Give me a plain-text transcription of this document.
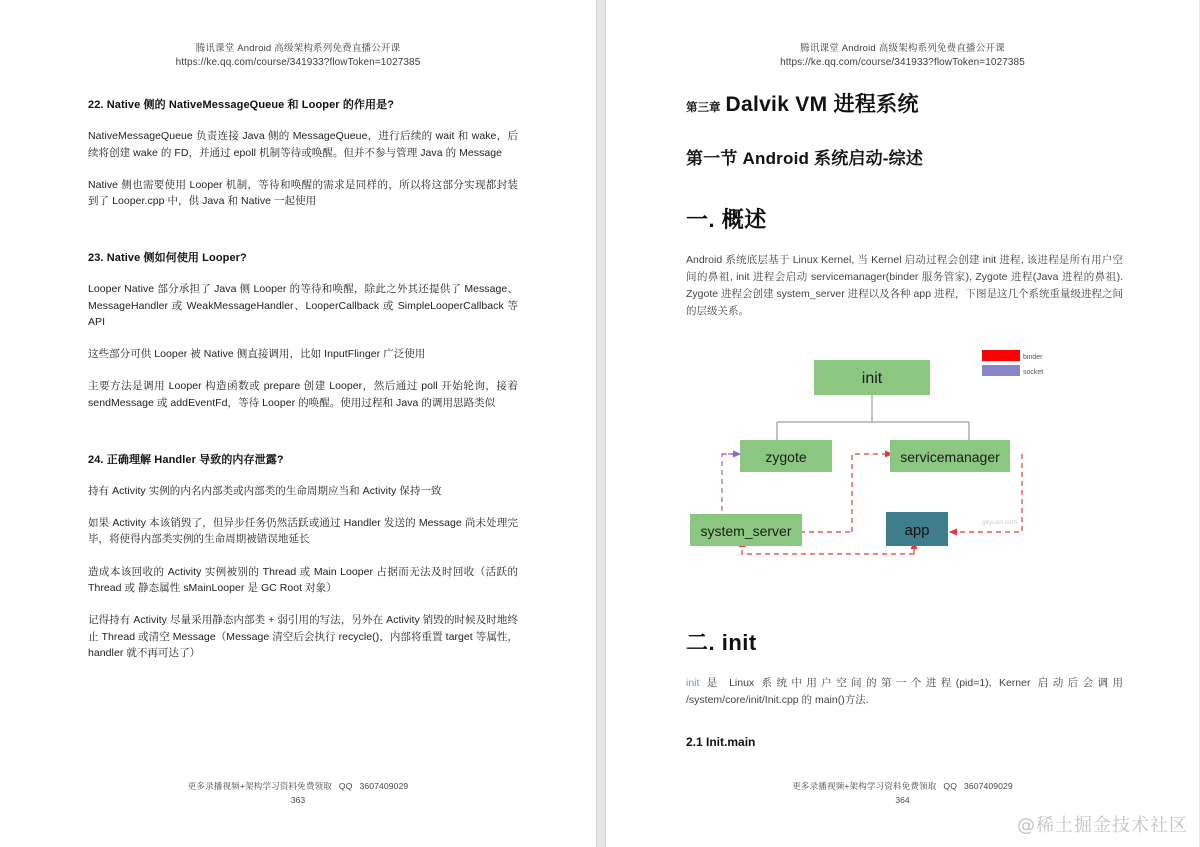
腾讯课堂 Android 高级架构系列免费直播公开课
https://ke.qq.com/course/341933?flowToken=1027385
22. Native 侧的 NativeMessageQueue 和 Looper 的作用是?

NativeMessageQueue 负责连接 Java 侧的 MessageQueue，进行后续的 wait 和 wake，后续将创建 wake 的 FD，并通过 epoll 机制等待或唤醒。但并不参与管理 Java 的 Message

Native 侧也需要使用 Looper 机制，等待和唤醒的需求是同样的，所以将这部分实现都封装到了 Looper.cpp 中，供 Java 和 Native 一起使用

23. Native 侧如何使用 Looper?

Looper Native 部分承担了 Java 侧 Looper 的等待和唤醒，除此之外其还提供了 Message、MessageHandler 或 WeakMessageHandler、LooperCallback 或 SimpleLooperCallback 等 API

这些部分可供 Looper 被 Native 侧直接调用，比如 InputFlinger 广泛使用

主要方法是调用 Looper 构造函数或 prepare 创建 Looper，然后通过 poll 开始轮询，接着 sendMessage 或 addEventFd，等待 Looper 的唤醒。使用过程和 Java 的调用思路类似

24. 正确理解 Handler 导致的内存泄露?

持有 Activity 实例的内名内部类或内部类的生命周期应当和 Activity 保持一致

如果 Activity 本该销毁了，但异步任务仍然活跃或通过 Handler 发送的 Message 尚未处理完毕，将使得内部类实例的生命周期被错误地延长

造成本该回收的 Activity 实例被别的 Thread 或 Main Looper 占据而无法及时回收（活跃的 Thread 或 静态属性 sMainLooper 是 GC Root 对象）

记得持有 Activity 尽量采用静态内部类 + 弱引用的写法，另外在 Activity 销毁的时候及时地终止 Thread 或清空 Message（Message 清空后会执行 recycle()，内部将重置 target 等属性，handler 就不再可达了）

更多录播视频+架构学习资料免费领取 QQ 3607409029
363
腾讯课堂 Android 高级架构系列免费直播公开课
https://ke.qq.com/course/341933?flowToken=1027385
第三章 Dalvik VM 进程系统
第一节 Android 系统启动-综述
一. 概述

Android 系统底层基于 Linux Kernel, 当 Kernel 启动过程会创建 init 进程, 该进程是所有用户空间的鼻祖, init 进程会启动 servicemanager(binder 服务管家), Zygote 进程(Java 进程的鼻祖). Zygote 进程会创建 system_server 进程以及各种 app 进程，下图是这几个系统重量级进程之间的层级关系。

init
zygote	servicemanager
system_server	app
binder
socket
gityuan.com
二. init

init 是 Linux 系统中用户空间的第一个进程(pid=1), Kerner 启动后会调用 /system/core/init/Init.cpp 的 main()方法.

2.1 Init.main
更多录播视频+架构学习资料免费领取 QQ 3607409029
364
@稀土掘金技术社区
